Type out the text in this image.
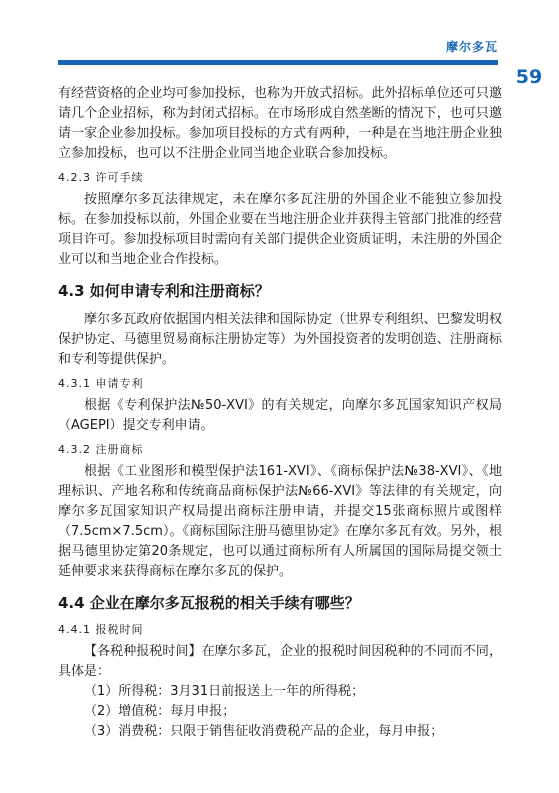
摩尔多瓦
59

有经营资格的企业均可参加投标，也称为开放式招标。此外招标单位还可只邀请几个企业招标，称为封闭式招标。在市场形成自然垄断的情况下，也可只邀请一家企业参加投标。参加项目投标的方式有两种，一种是在当地注册企业独立参加投标，也可以不注册企业同当地企业联合参加投标。

4.2.3 许可手续

按照摩尔多瓦法律规定，未在摩尔多瓦注册的外国企业不能独立参加投标。在参加投标以前，外国企业要在当地注册企业并获得主管部门批准的经营项目许可。参加投标项目时需向有关部门提供企业资质证明，未注册的外国企业可以和当地企业合作投标。

4.3 如何申请专利和注册商标？

摩尔多瓦政府依据国内相关法律和国际协定（世界专利组织、巴黎发明权保护协定、马德里贸易商标注册协定等）为外国投资者的发明创造、注册商标和专利等提供保护。

4.3.1 申请专利

根据《专利保护法№50-XVI》的有关规定，向摩尔多瓦国家知识产权局（AGEPI）提交专利申请。

4.3.2 注册商标

根据《工业图形和模型保护法161-XVI》、《商标保护法№38-XVI》、《地理标识、产地名称和传统商品商标保护法№66-XVI》等法律的有关规定，向摩尔多瓦国家知识产权局提出商标注册申请，并提交15张商标照片或图样（7.5cm×7.5cm）。《商标国际注册马德里协定》在摩尔多瓦有效。另外，根据马德里协定第20条规定，也可以通过商标所有人所属国的国际局提交领土延伸要求来获得商标在摩尔多瓦的保护。

4.4 企业在摩尔多瓦报税的相关手续有哪些？
4.4.1 报税时间

【各税种报税时间】在摩尔多瓦，企业的报税时间因税种的不同而不同，具体是：

（1）所得税：3月31日前报送上一年的所得税；
（2）增值税：每月申报；
（3）消费税：只限于销售征收消费税产品的企业，每月申报；
